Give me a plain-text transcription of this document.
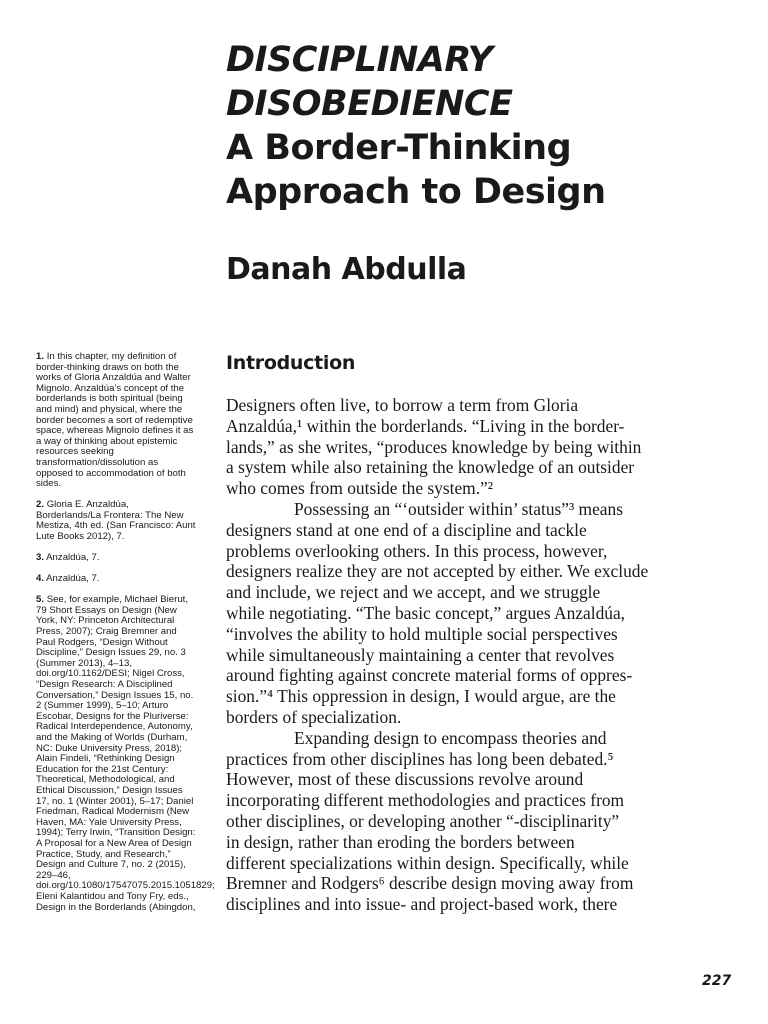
DISCIPLINARY
DISOBEDIENCE
A Border-Thinking
Approach to Design
Danah Abdulla
1. In this chapter, my definition of border-thinking draws on both the works of Gloria Anzaldúa and Walter Mignolo. Anzaldúa’s concept of the borderlands is both spiritual (being and mind) and physical, where the border becomes a sort of redemptive space, whereas Mignolo defines it as a way of thinking about epistemic resources seeking transformation/dissolution as opposed to accommodation of both sides.
2. Gloria E. Anzaldúa, Borderlands/La Frontera: The New Mestiza, 4th ed. (San Francisco: Aunt Lute Books 2012), 7.
3. Anzaldúa, 7.
4. Anzaldúa, 7.
5. See, for example, Michael Bierut, 79 Short Essays on Design (New York, NY: Princeton Architectural Press, 2007); Craig Bremner and Paul Rodgers, “Design Without Discipline,” Design Issues 29, no. 3 (Summer 2013), 4–13, doi.org/10.1162/DESI; Nigel Cross, “Design Research: A Disciplined Conversation,” Design Issues 15, no. 2 (Summer 1999), 5–10; Arturo Escobar, Designs for the Pluriverse: Radical Interdependence, Autonomy, and the Making of Worlds (Durham, NC: Duke University Press, 2018); Alain Findeli, “Rethinking Design Education for the 21st Century: Theoretical, Methodological, and Ethical Discussion,” Design Issues 17, no. 1 (Winter 2001), 5–17; Daniel Friedman, Radical Modernism (New Haven, MA: Yale University Press, 1994); Terry Irwin, “Transition Design: A Proposal for a New Area of Design Practice, Study, and Research,” Design and Culture 7, no. 2 (2015), 229–46, doi.org/10.1080/17547075.2015.1051829; Eleni Kalantidou and Tony Fry, eds., Design in the Borderlands (Abingdon,
Introduction
Designers often live, to borrow a term from Gloria
Anzaldúa,¹ within the borderlands. “Living in the border-
lands,” as she writes, “produces knowledge by being within
a system while also retaining the knowledge of an outsider
who comes from outside the system.”²
Possessing an “‘outsider within’ status”³ means
designers stand at one end of a discipline and tackle
problems overlooking others. In this process, however,
designers realize they are not accepted by either. We exclude
and include, we reject and we accept, and we struggle
while negotiating. “The basic concept,” argues Anzaldúa,
“involves the ability to hold multiple social perspectives
while simultaneously maintaining a center that revolves
around fighting against concrete material forms of oppres-
sion.”⁴ This oppression in design, I would argue, are the
borders of specialization.
Expanding design to encompass theories and
practices from other disciplines has long been debated.⁵
However, most of these discussions revolve around
incorporating different methodologies and practices from
other disciplines, or developing another “-disciplinarity”
in design, rather than eroding the borders between
different specializations within design. Specifically, while
Bremner and Rodgers⁶ describe design moving away from
disciplines and into issue- and project-based work, there
227
